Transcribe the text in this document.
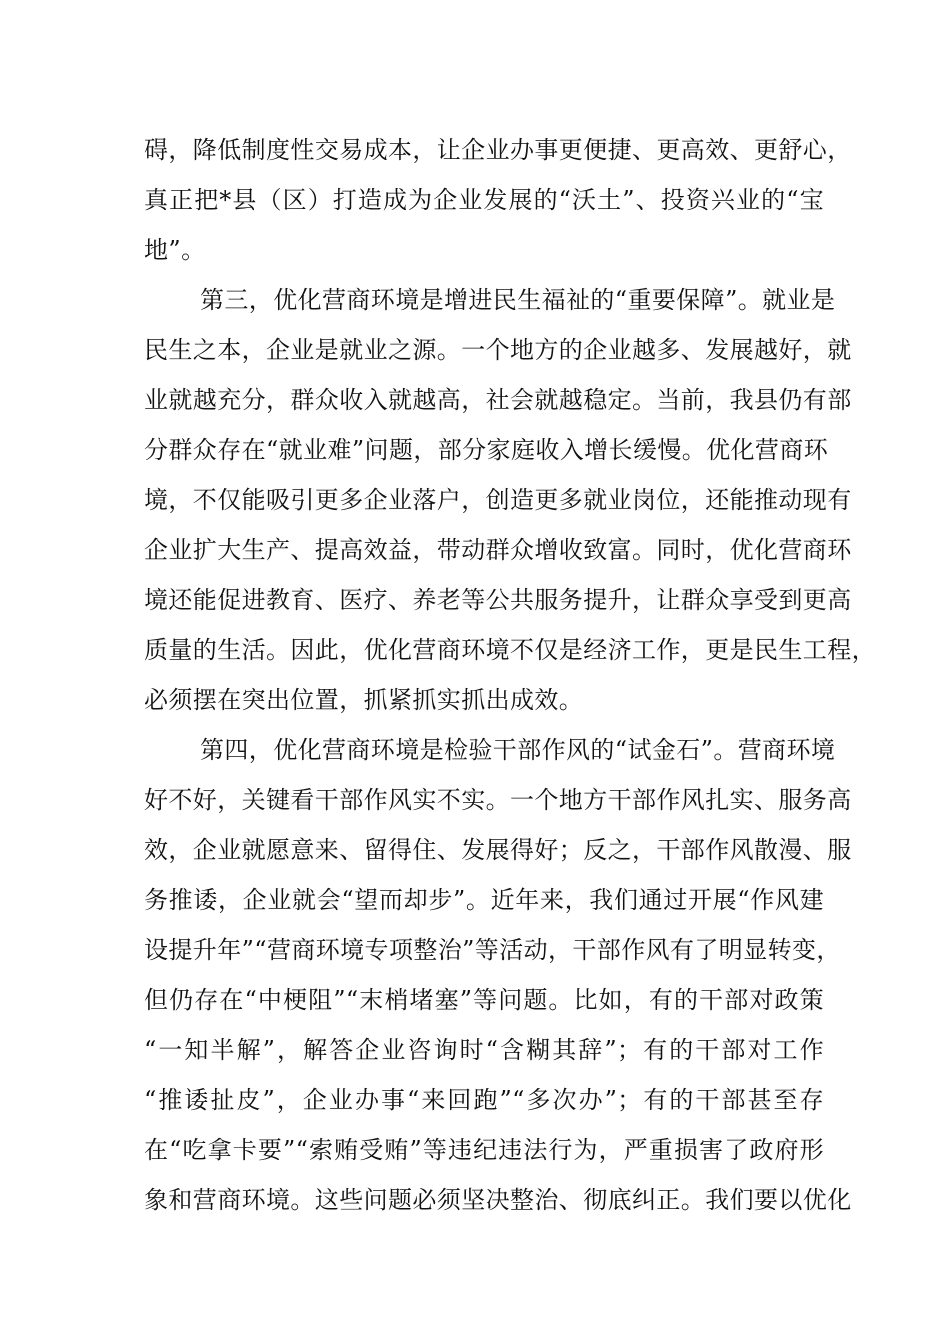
碍，降低制度性交易成本，让企业办事更便捷、更高效、更舒心，
真正把*县（区）打造成为企业发展的“沃土”、投资兴业的“宝
地”。
第三，优化营商环境是增进民生福祉的“重要保障”。就业是
民生之本，企业是就业之源。一个地方的企业越多、发展越好，就
业就越充分，群众收入就越高，社会就越稳定。当前，我县仍有部
分群众存在“就业难”问题，部分家庭收入增长缓慢。优化营商环
境，不仅能吸引更多企业落户，创造更多就业岗位，还能推动现有
企业扩大生产、提高效益，带动群众增收致富。同时，优化营商环
境还能促进教育、医疗、养老等公共服务提升，让群众享受到更高
质量的生活。因此，优化营商环境不仅是经济工作，更是民生工程，
必须摆在突出位置，抓紧抓实抓出成效。
第四，优化营商环境是检验干部作风的“试金石”。营商环境
好不好，关键看干部作风实不实。一个地方干部作风扎实、服务高
效，企业就愿意来、留得住、发展得好；反之，干部作风散漫、服
务推诿，企业就会“望而却步”。近年来，我们通过开展“作风建
设提升年”“营商环境专项整治”等活动，干部作风有了明显转变，
但仍存在“中梗阻”“末梢堵塞”等问题。比如，有的干部对政策
“一知半解”，解答企业咨询时“含糊其辞”；有的干部对工作
“推诿扯皮”，企业办事“来回跑”“多次办”；有的干部甚至存
在“吃拿卡要”“索贿受贿”等违纪违法行为，严重损害了政府形
象和营商环境。这些问题必须坚决整治、彻底纠正。我们要以优化
